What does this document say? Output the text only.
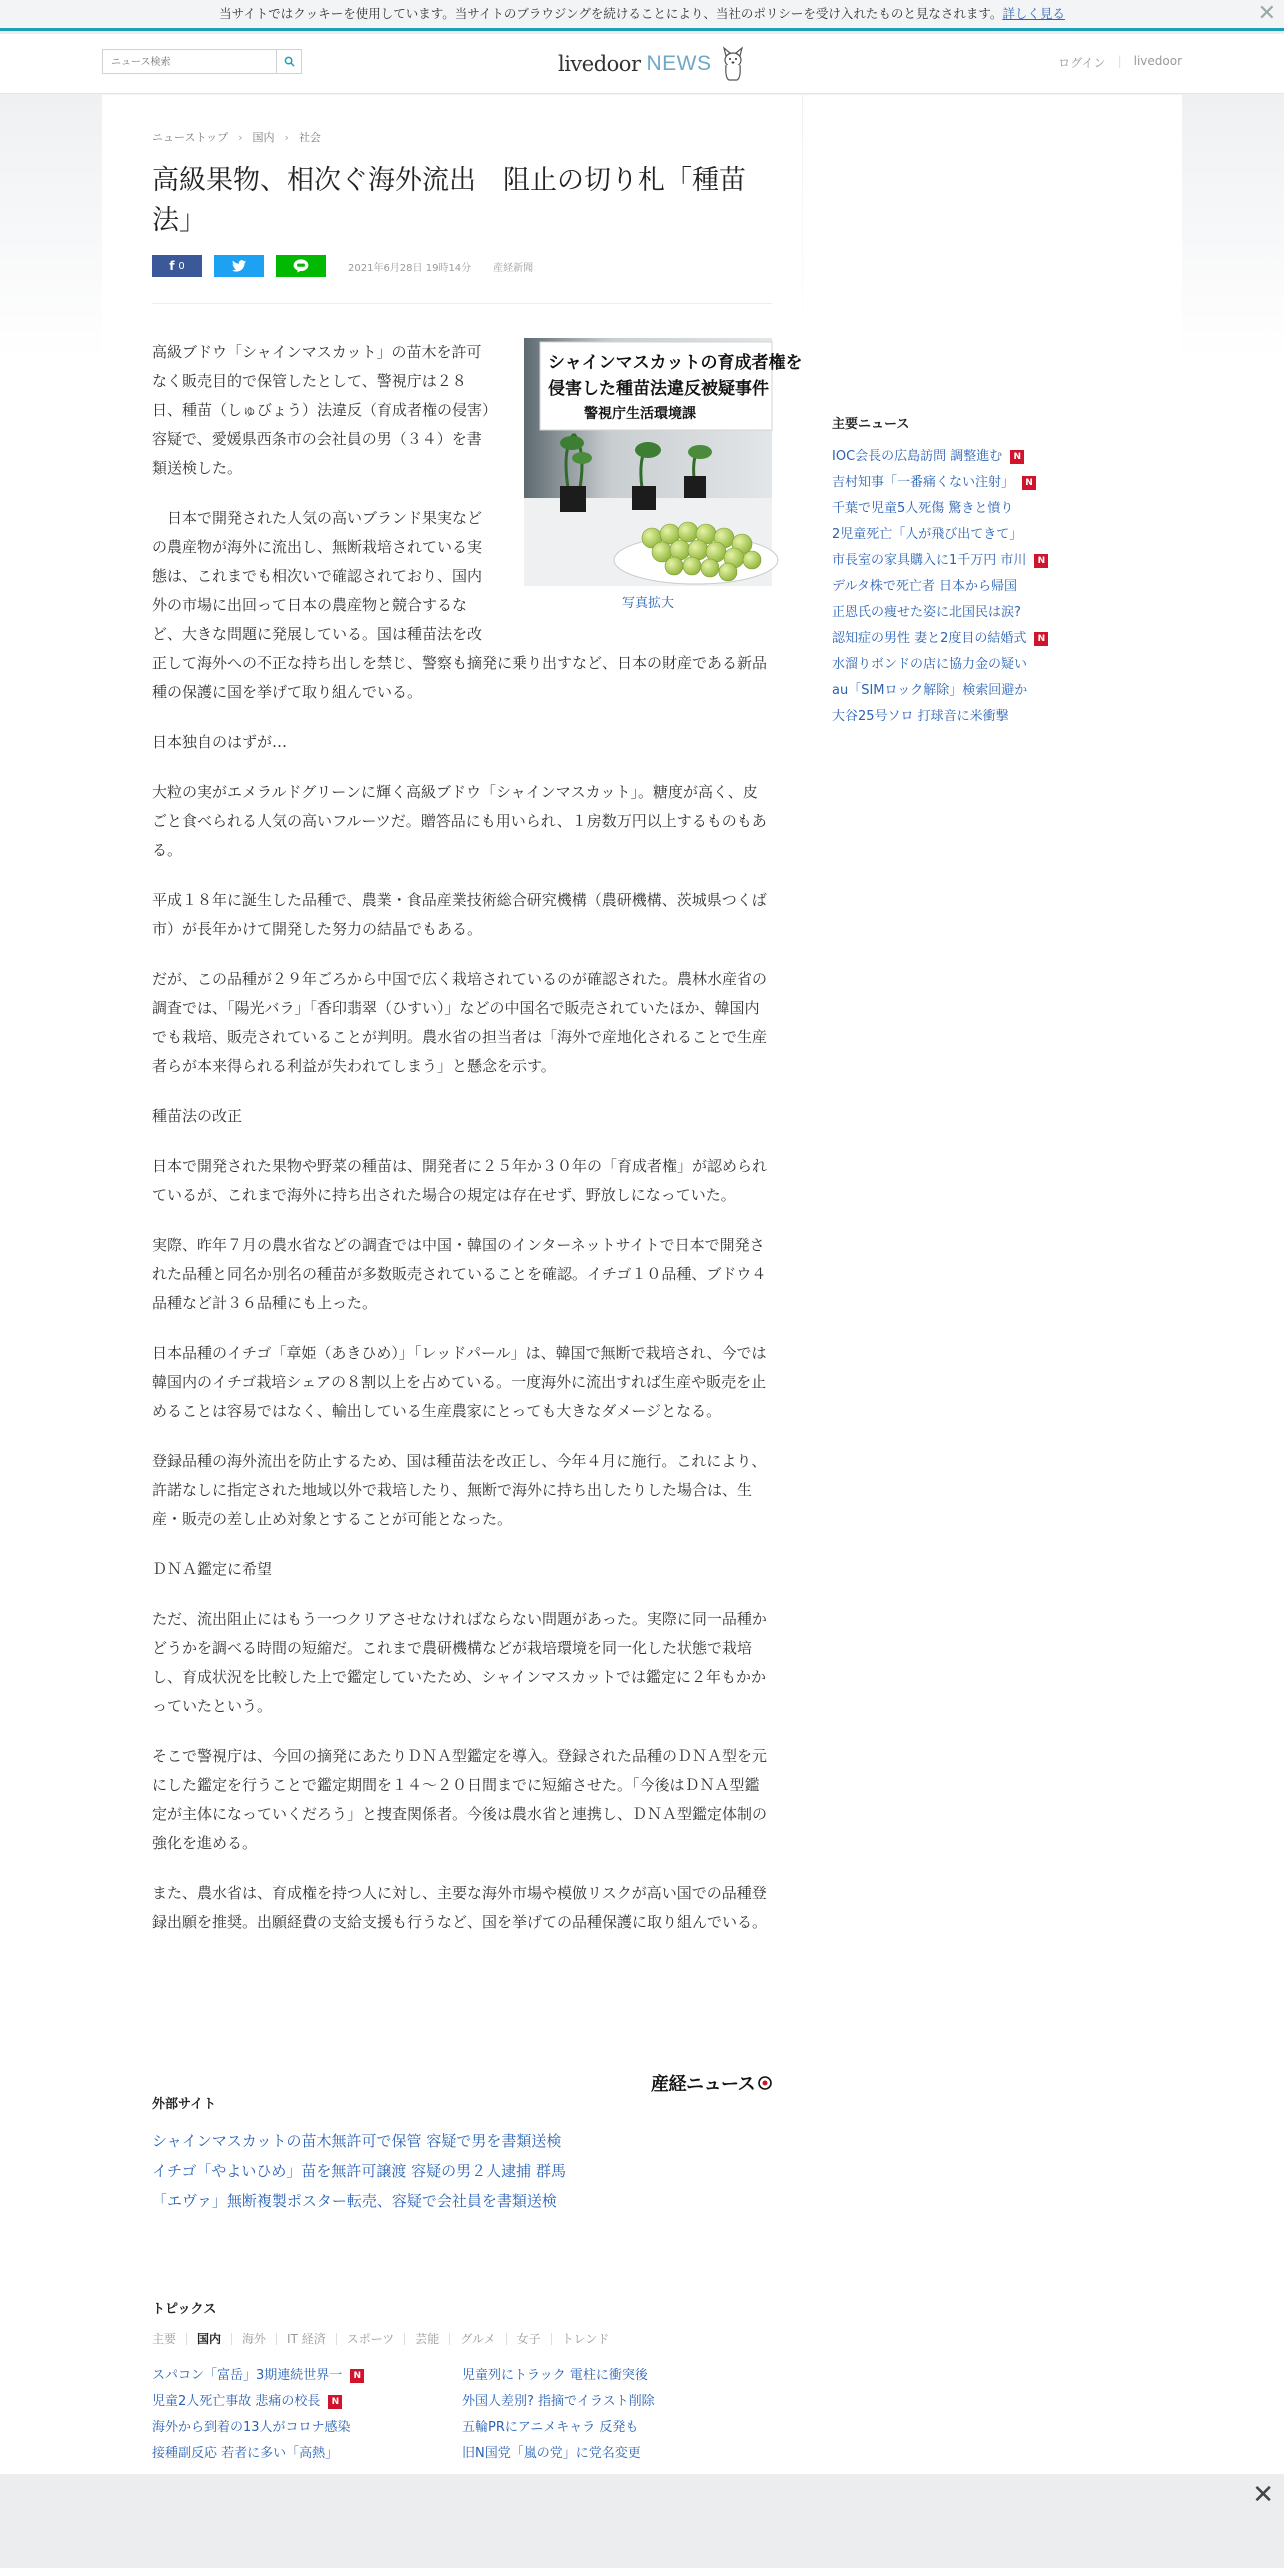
当サイトではクッキーを使用しています。当サイトのブラウジングを続けることにより、当社のポリシーを受け入れたものと見なされます。詳しく見る	✕
ニュース検索
livedoor NEWS	ログイン | livedoor
ニューストップ › 国内 › 社会
高級果物、相次ぐ海外流出　阻止の切り札「種苗法」
f 0	2021年6月28日 19時14分 産経新聞
シャインマスカットの育成者権を
侵害した種苗法違反被疑事件
警視庁生活環境課
写真拡大

高級ブドウ「シャインマスカット」の苗木を許可なく販売目的で保管したとして、警視庁は２８日、種苗（しゅびょう）法違反（育成者権の侵害）容疑で、愛媛県西条市の会社員の男（３４）を書類送検した。

　日本で開発された人気の高いブランド果実などの農産物が海外に流出し、無断栽培されている実態は、これまでも相次いで確認されており、国内外の市場に出回って日本の農産物と競合するなど、大きな問題に発展している。国は種苗法を改正して海外への不正な持ち出しを禁じ、警察も摘発に乗り出すなど、日本の財産である新品種の保護に国を挙げて取り組んでいる。

日本独自のはずが…

大粒の実がエメラルドグリーンに輝く高級ブドウ「シャインマスカット」。糖度が高く、皮ごと食べられる人気の高いフルーツだ。贈答品にも用いられ、１房数万円以上するものもある。

平成１８年に誕生した品種で、農業・食品産業技術総合研究機構（農研機構、茨城県つくば市）が長年かけて開発した努力の結晶でもある。

だが、この品種が２９年ごろから中国で広く栽培されているのが確認された。農林水産省の調査では、「陽光バラ」「香印翡翠（ひすい）」などの中国名で販売されていたほか、韓国内でも栽培、販売されていることが判明。農水省の担当者は「海外で産地化されることで生産者らが本来得られる利益が失われてしまう」と懸念を示す。

種苗法の改正

日本で開発された果物や野菜の種苗は、開発者に２５年か３０年の「育成者権」が認められているが、これまで海外に持ち出された場合の規定は存在せず、野放しになっていた。

実際、昨年７月の農水省などの調査では中国・韓国のインターネットサイトで日本で開発された品種と同名か別名の種苗が多数販売されていることを確認。イチゴ１０品種、ブドウ４品種など計３６品種にも上った。

日本品種のイチゴ「章姫（あきひめ）」「レッドパール」は、韓国で無断で栽培され、今では韓国内のイチゴ栽培シェアの８割以上を占めている。一度海外に流出すれば生産や販売を止めることは容易ではなく、輸出している生産農家にとっても大きなダメージとなる。

登録品種の海外流出を防止するため、国は種苗法を改正し、今年４月に施行。これにより、許諾なしに指定された地域以外で栽培したり、無断で海外に持ち出したりした場合は、生産・販売の差し止め対象とすることが可能となった。

ＤＮＡ鑑定に希望

ただ、流出阻止にはもう一つクリアさせなければならない問題があった。実際に同一品種かどうかを調べる時間の短縮だ。これまで農研機構などが栽培環境を同一化した状態で栽培し、育成状況を比較した上で鑑定していたため、シャインマスカットでは鑑定に２年もかかっていたという。

そこで警視庁は、今回の摘発にあたりＤＮＡ型鑑定を導入。登録された品種のＤＮＡ型を元にした鑑定を行うことで鑑定期間を１４～２０日間までに短縮させた。「今後はＤＮＡ型鑑定が主体になっていくだろう」と捜査関係者。今後は農水省と連携し、ＤＮＡ型鑑定体制の強化を進める。

また、農水省は、育成権を持つ人に対し、主要な海外市場や模倣リスクが高い国での品種登録出願を推奨。出願経費の支給支援も行うなど、国を挙げての品種保護に取り組んでいる。

産経ニュース
外部サイト
シャインマスカットの苗木無許可で保管 容疑で男を書類送検
イチゴ「やよいひめ」苗を無許可譲渡 容疑の男２人逮捕 群馬
「エヴァ」無断複製ポスター転売、容疑で会社員を書類送検
トピックス
主要	国内	海外	IT 経済	スポーツ	芸能	グルメ	女子	トレンド
スパコン「富岳」3期連続世界一	N	児童列にトラック 電柱に衝突後
児童2人死亡事故 悲痛の校長	N	外国人差別? 指摘でイラスト削除
海外から到着の13人がコロナ感染	五輪PRにアニメキャラ 反発も
接種副反応 若者に多い「高熱」	旧N国党「嵐の党」に党名変更
主要ニュース
IOC会長の広島訪問 調整進む	N
吉村知事「一番痛くない注射」	N
千葉で児童5人死傷 驚きと憤り
2児童死亡「人が飛び出てきて」
市長室の家具購入に1千万円 市川	N
デルタ株で死亡者 日本から帰国
正恩氏の痩せた姿に北国民は涙?
認知症の男性 妻と2度目の結婚式	N
水溜りボンドの店に協力金の疑い
au「SIMロック解除」検索回避か
大谷25号ソロ 打球音に米衝撃
✕
